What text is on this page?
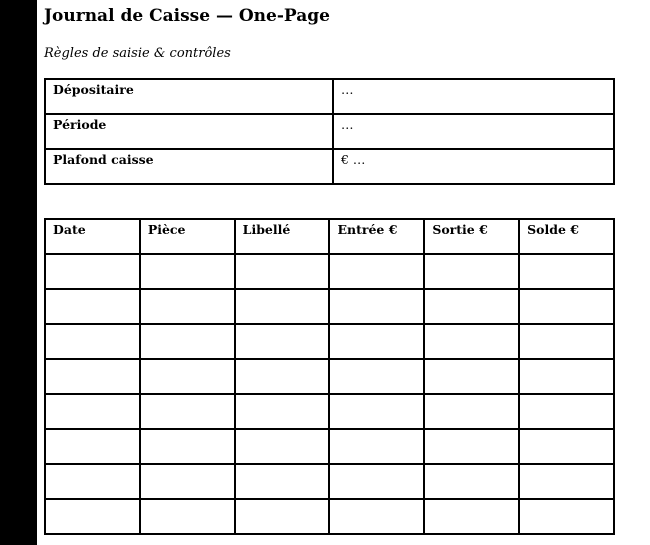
Journal de Caisse — One-Page
Règles de saisie & contrôles
Dépositaire	…
Période	…
Plafond caisse	€ …
Date	Pièce	Libellé	Entrée €	Sortie €	Solde €
